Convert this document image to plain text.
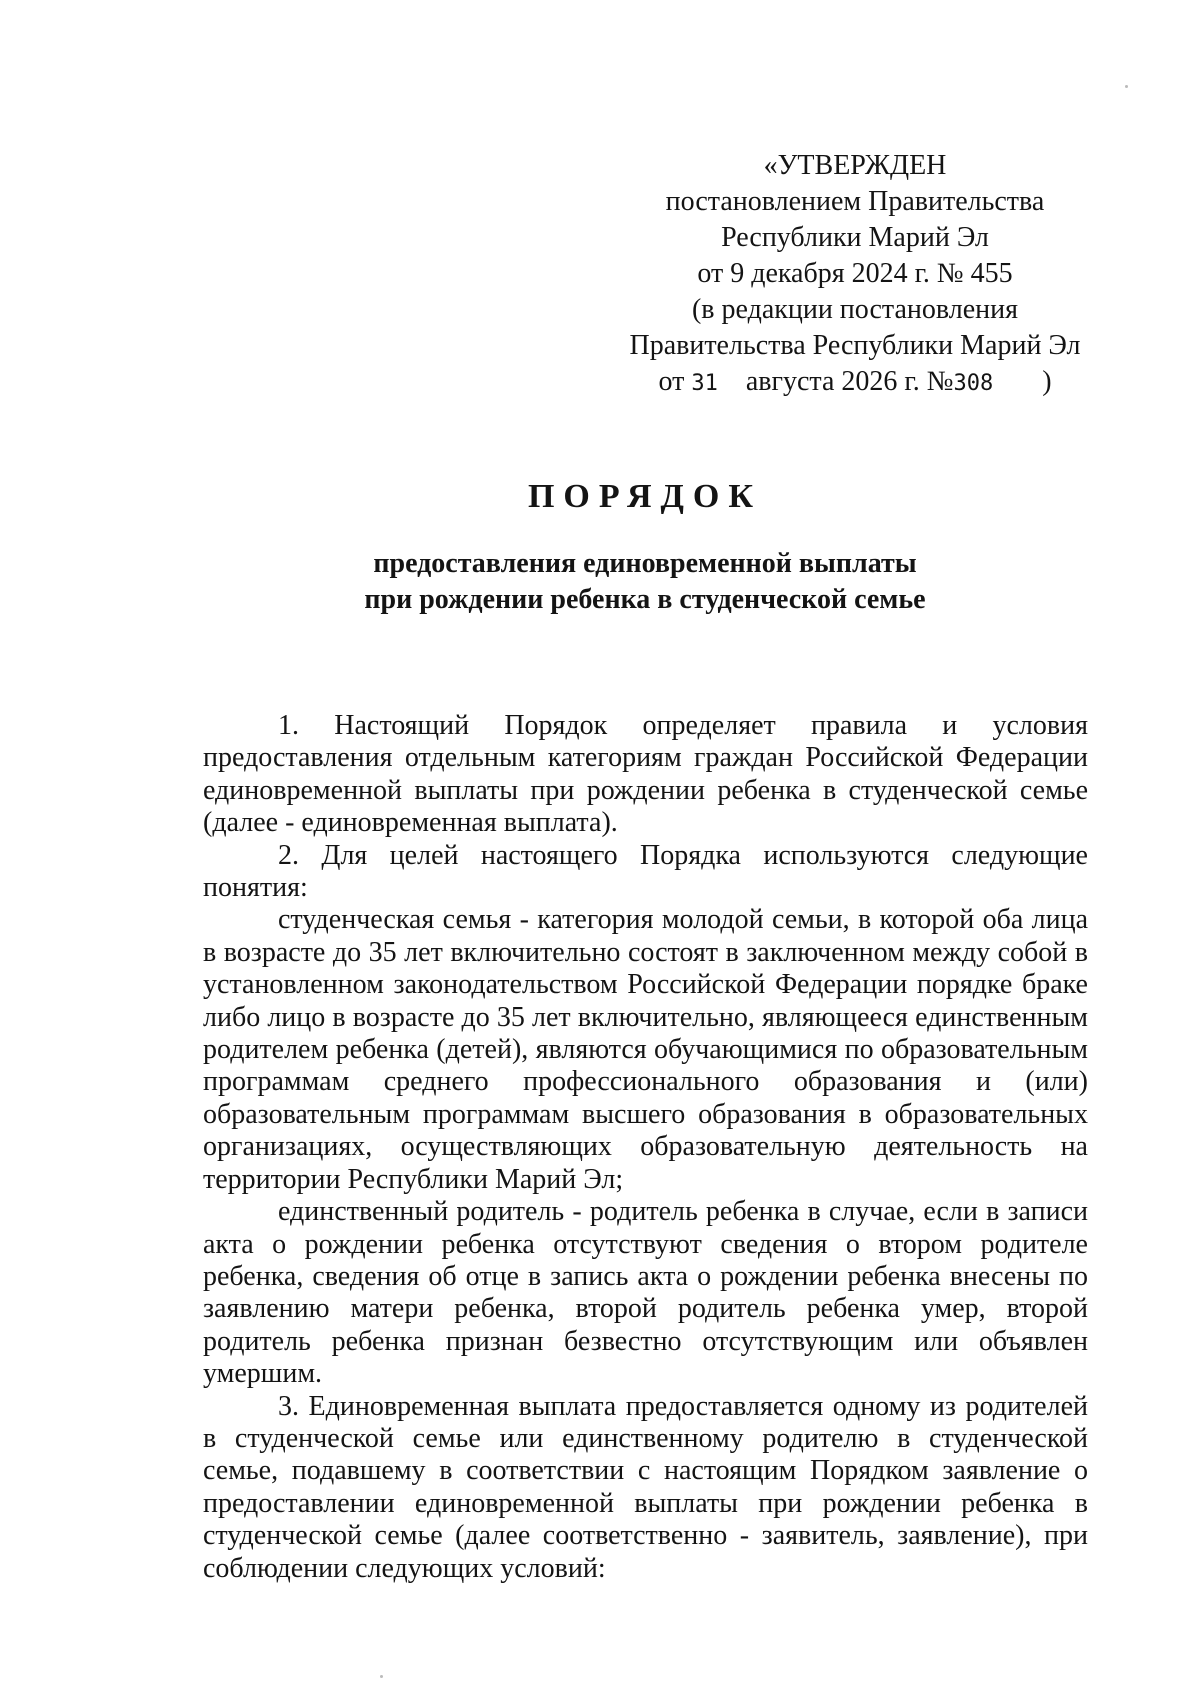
«УТВЕРЖДЕН
постановлением Правительства
Республики Марий Эл
от 9 декабря 2024 г. № 455
(в редакции постановления
Правительства Республики Марий Эл
от 31 августа 2026 г. №308 )
ПОРЯДОК
предоставления единовременной выплаты
при рождении ребенка в студенческой семье

1. Настоящий Порядок определяет правила и условия предоставления отдельным категориям граждан Российской Федерации единовременной выплаты при рождении ребенка в студенческой семье (далее - единовременная выплата).

2. Для целей настоящего Порядка используются следующие понятия:

студенческая семья - категория молодой семьи, в которой оба лица в возрасте до 35 лет включительно состоят в заключенном между собой в установленном законодательством Российской Федерации порядке браке либо лицо в возрасте до 35 лет включительно, являющееся единственным родителем ребенка (детей), являются обучающимися по образовательным программам среднего профессионального образования и (или) образовательным программам высшего образования в образовательных организациях, осуществляющих образовательную деятельность на территории Республики Марий Эл;

единственный родитель - родитель ребенка в случае, если в записи акта о рождении ребенка отсутствуют сведения о втором родителе ребенка, сведения об отце в запись акта о рождении ребенка внесены по заявлению матери ребенка, второй родитель ребенка умер, второй родитель ребенка признан безвестно отсутствующим или объявлен умершим.

3. Единовременная выплата предоставляется одному из родителей в студенческой семье или единственному родителю в студенческой семье, подавшему в соответствии с настоящим Порядком заявление о предоставлении единовременной выплаты при рождении ребенка в студенческой семье (далее соответственно - заявитель, заявление), при соблюдении следующих условий:
